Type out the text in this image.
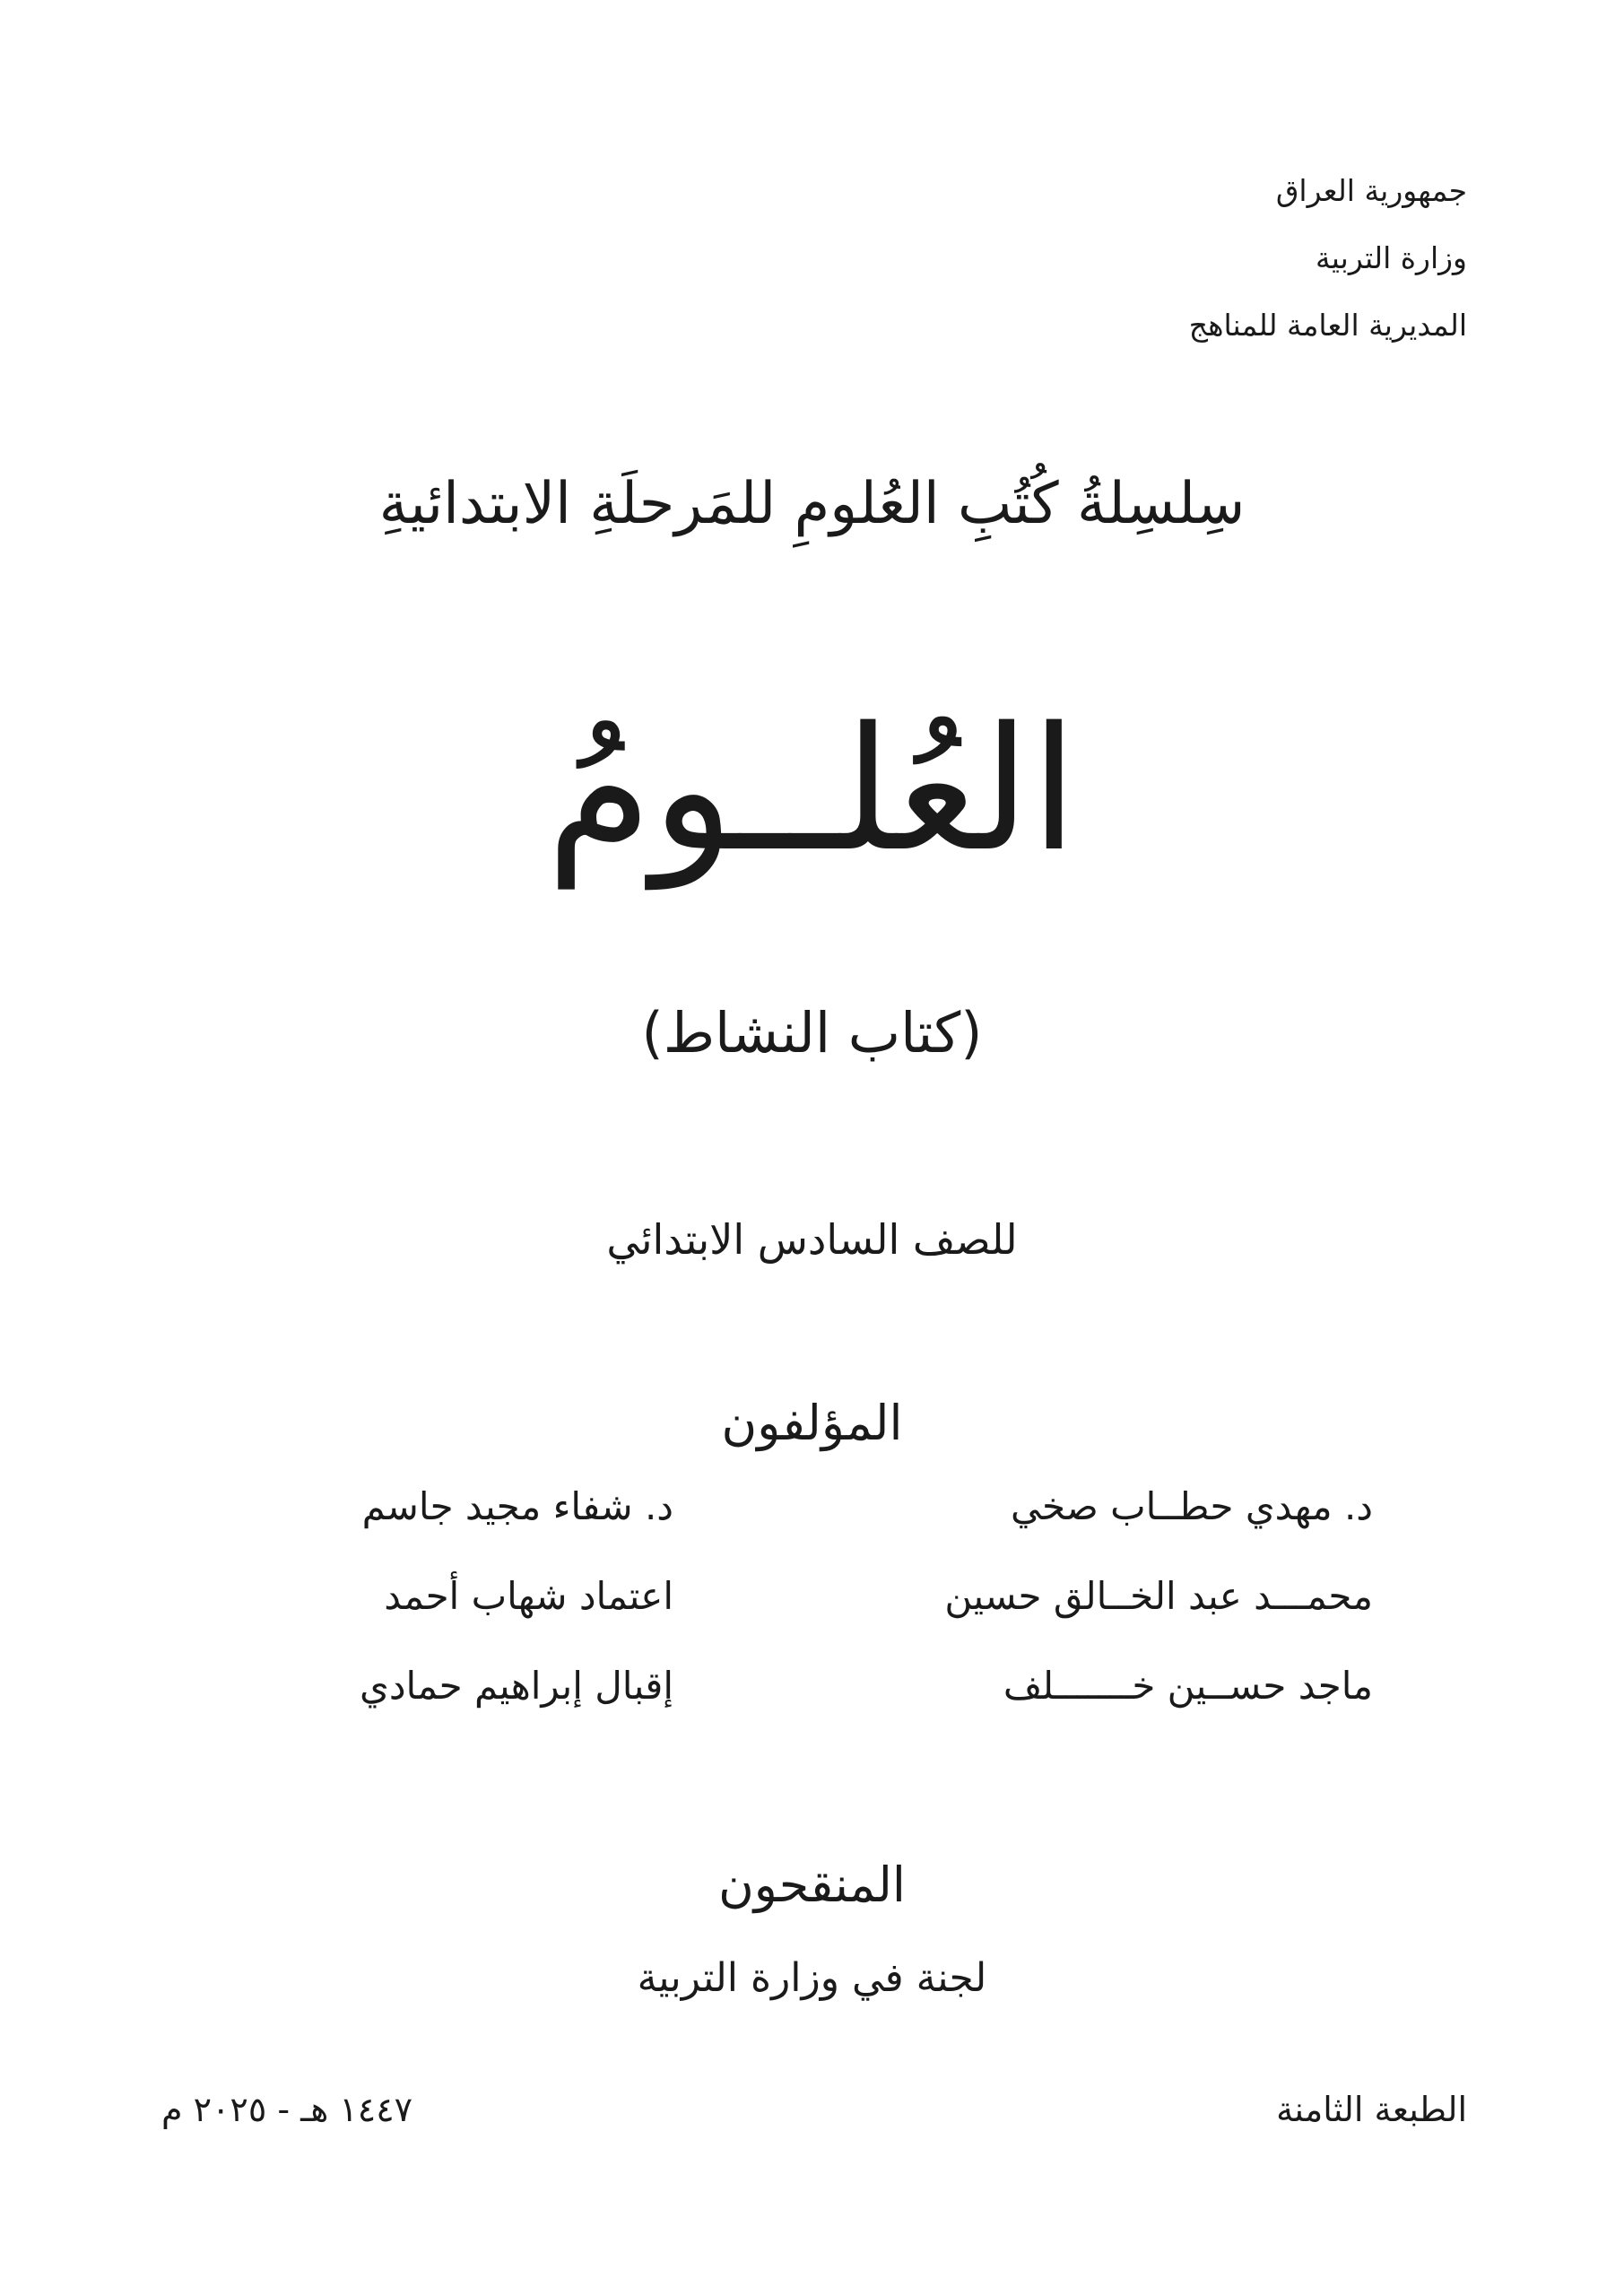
جمهورية العراق
وزارة التربية
المديرية العامة للمناهج
سِلسِلةُ كُتُبِ العُلومِ للمَرحلَةِ الابتدائيةِ
العُلــومُ
(كتاب النشاط)
للصف السادس الابتدائي
المؤلفون
د. مهدي حطــاب صخي
محمـــد عبد الخــالق حسين
ماجد حســين خـــــــلف
د. شفاء مجيد جاسم
اعتماد شهاب أحمد
إقبال إبراهيم حمادي
المنقحون
لجنة في وزارة التربية
الطبعة الثامنة
١٤٤٧ هـ - ٢٠٢٥ م
